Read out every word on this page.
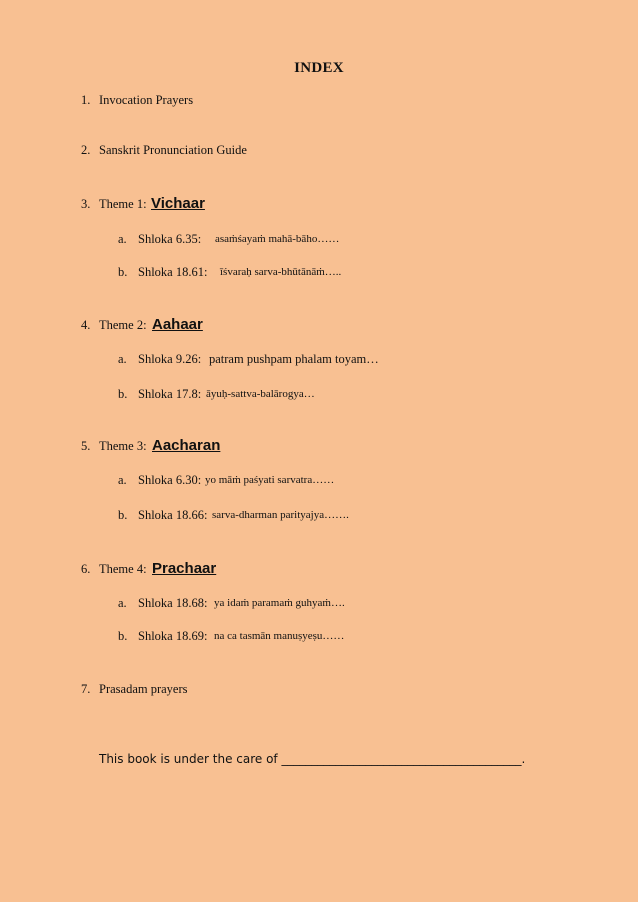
INDEX
1. Invocation Prayers
2. Sanskrit Pronunciation Guide
3. Theme 1: Vichaar
a. Shloka 6.35: asaṁśayaṁ mahā-bāho……
b. Shloka 18.61: īśvaraḥ sarva-bhūtānāṁ…..
4. Theme 2: Aahaar
a. Shloka 9.26: patram pushpam phalam toyam…
b. Shloka 17.8: āyuḥ-sattva-balārogya…
5. Theme 3: Aacharan
a. Shloka 6.30: yo māṁ paśyati sarvatra……
b. Shloka 18.66: sarva-dharman parityajya…….
6. Theme 4: Prachaar
a. Shloka 18.68: ya idaṁ paramaṁ guhyaṁ….
b. Shloka 18.69: na ca tasmān manuṣyeṣu……
7. Prasadam prayers
This book is under the care of ________________________________________.
